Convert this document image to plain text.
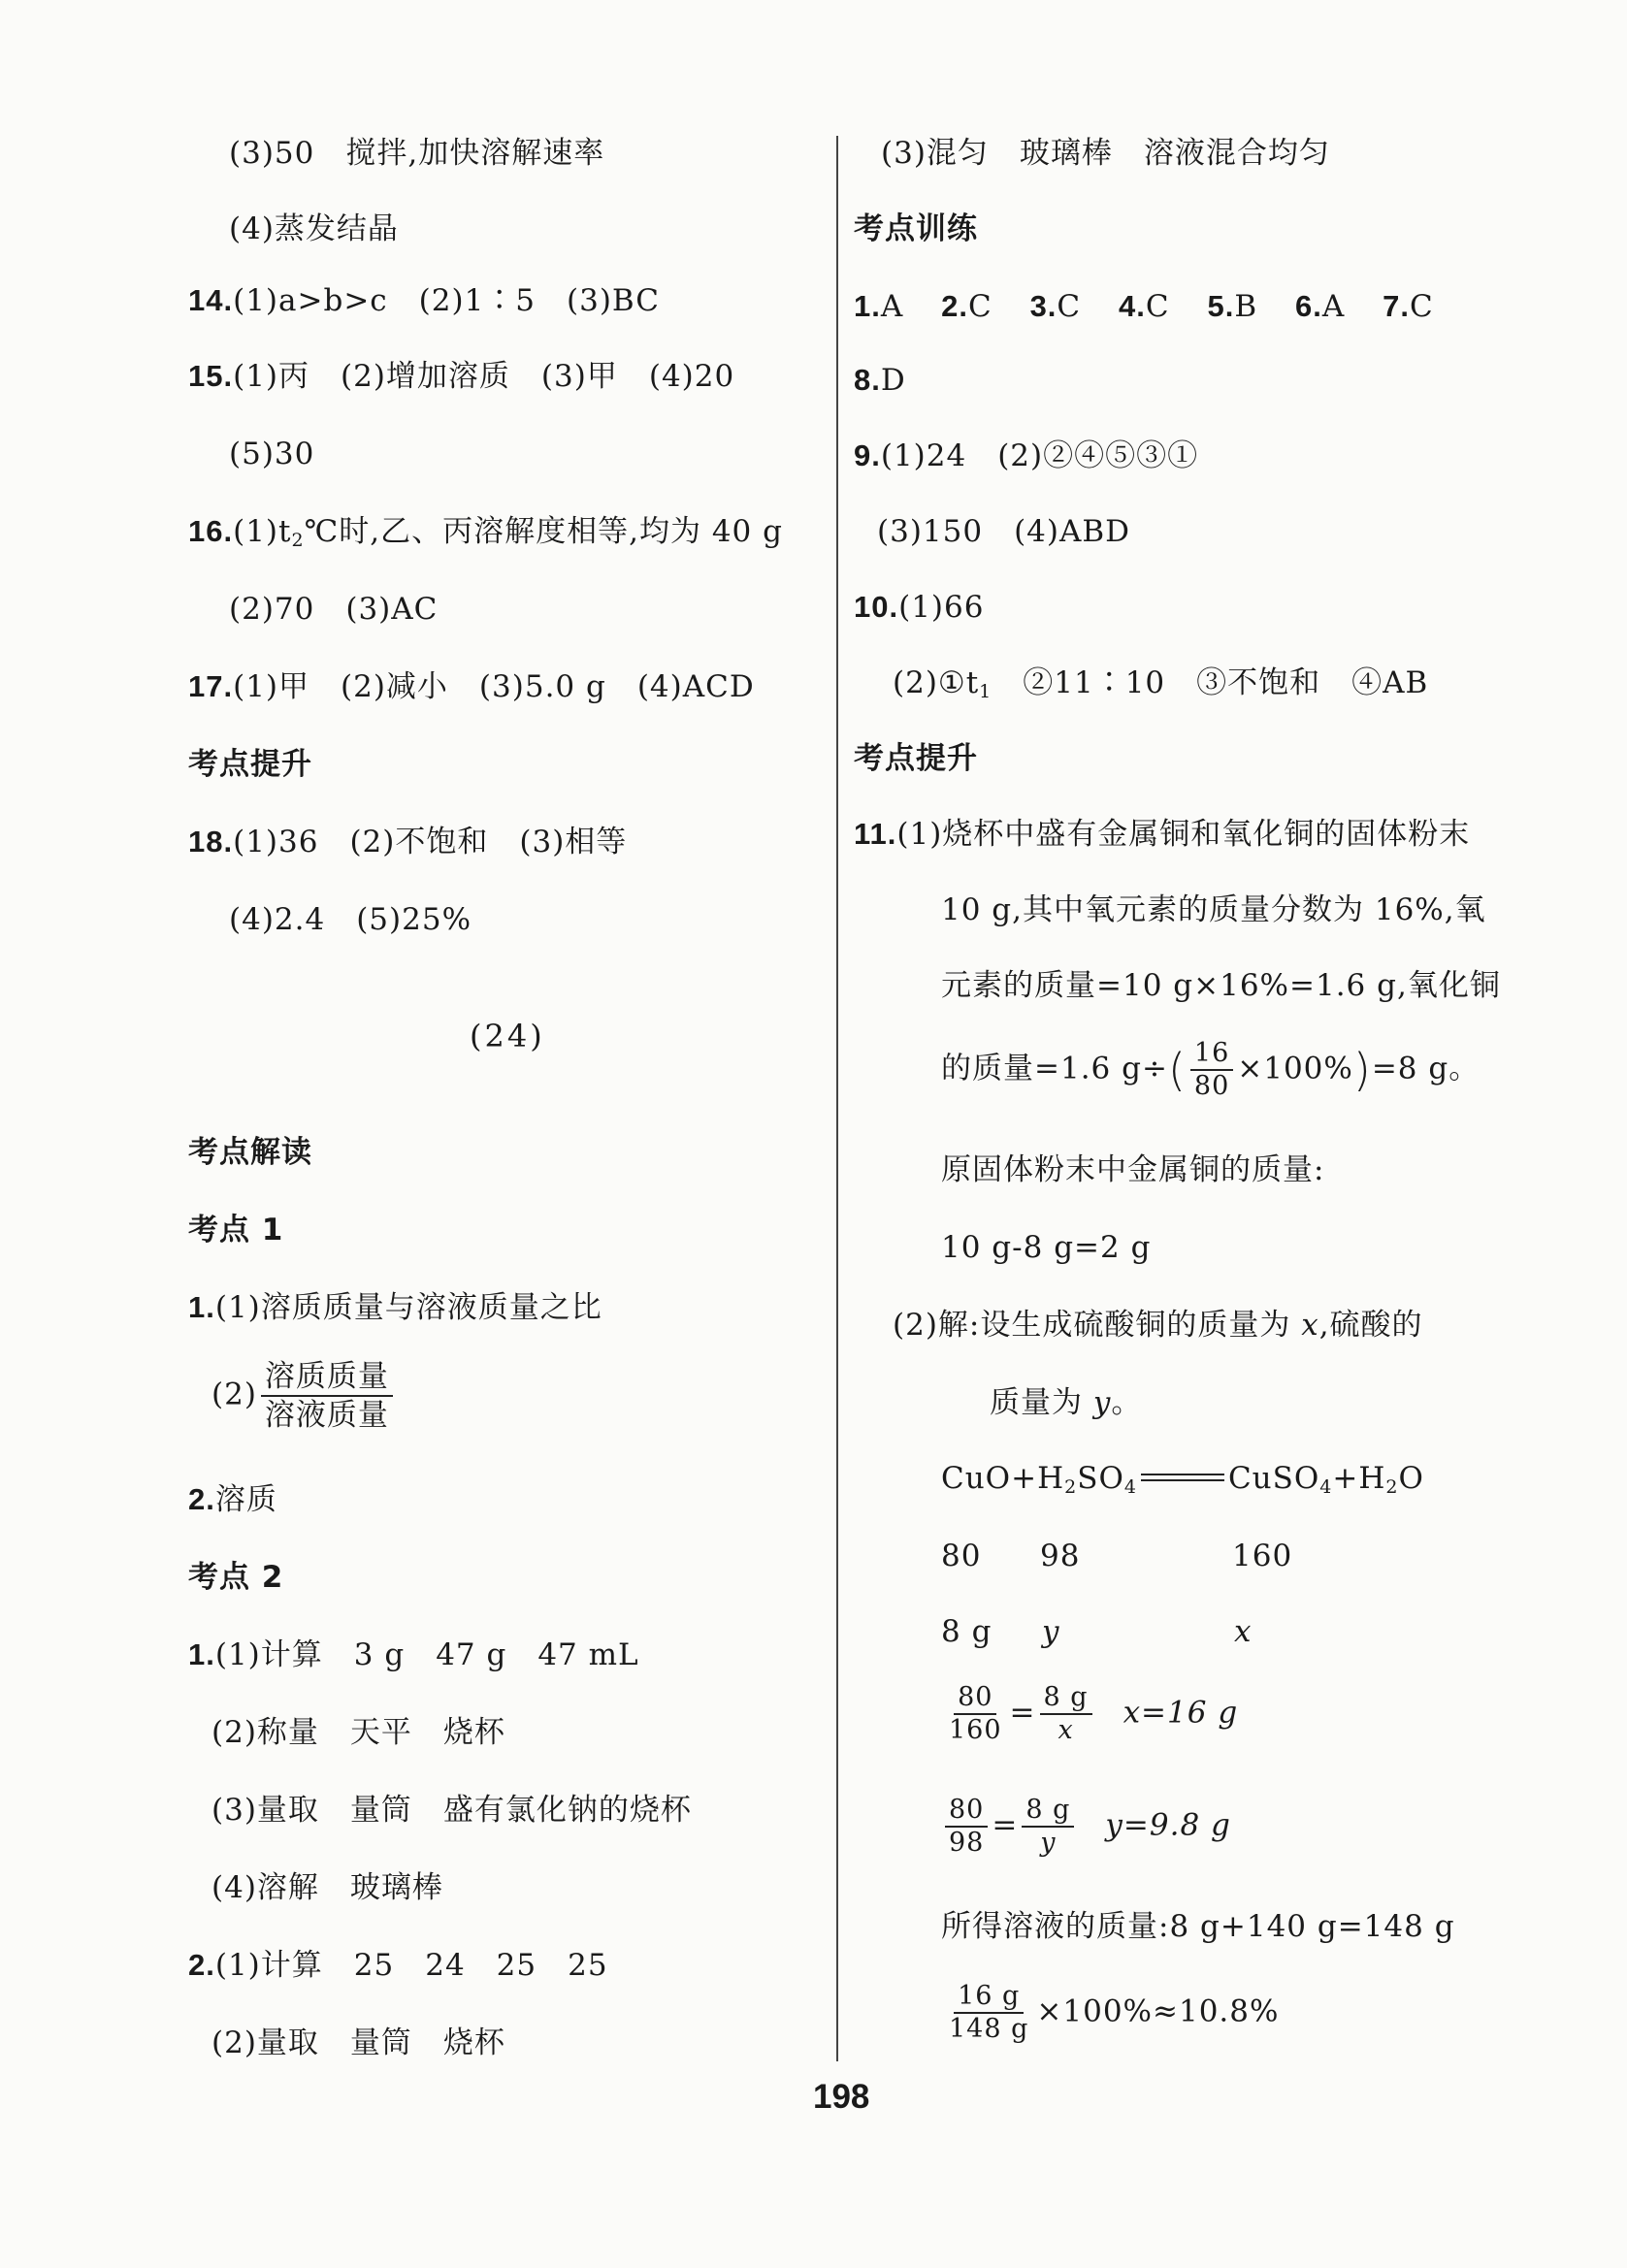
(3)50　搅拌,加快溶解速率
(4)蒸发结晶
14.(1)a>b>c　(2)1∶5　(3)BC
15.(1)丙　(2)增加溶质　(3)甲　(4)20
(5)30
$16.(1)t_2℃$时,乙、丙溶解度相等,均为 40 g
(2)70　(3)AC
17.(1)甲　(2)减小　(3)5.0 g　(4)ACD
考点提升
18.(1)36　(2)不饱和　(3)相等
(4)2.4　(5)25%
(24)
考点解读
考点 1
1.(1)溶质质量与溶液质量之比
$(2) \frac{\text{溶质质量}}{\text{溶液质量}}$
2.溶质
考点 2
1.(1)计算　3 g　47 g　47 mL
(2)称量　天平　烧杯
(3)量取　量筒　盛有氯化钠的烧杯
(4)溶解　玻璃棒
2.(1)计算　25　24　25　25
(2)量取　量筒　烧杯
(3)混匀　玻璃棒　溶液混合均匀
考点训练
1.A 2.C 3.C 4.C 5.B 6.A 7.C
8.D
9.(1)24　(2)②④⑤③①
(3)150　(4)ABD
10.(1)66
$(2)①t_1$　②11∶10　③不饱和　④AB
考点提升
11.(1)烧杯中盛有金属铜和氧化铜的固体粉末
10 g,其中氧元素的质量分数为 16%,氧
元素的质量=10 g×16%=1.6 g,氧化铜
的质量=1.6 $g\div( \frac{16}{80} \times 100\%)=8$ g。
原固体粉末中金属铜的质量:
10 g-8 g=2 g
(2)解:设生成硫酸铜的质量为 x,硫酸的
质量为 y。
$CuO+H_2SO_4$	$CuSO_4+H_2O$
80 98	160
8 g y	x
$\frac{80}{160} = \frac{8 g}{x} x=16$ g
$\frac{80}{98} = \frac{8 g}{y} y=9.8$ g
所得溶液的质量:8 g+140 g=148 g
$\frac{16 g}{148 g} \times 100\%\approx 10.8\%$
198
